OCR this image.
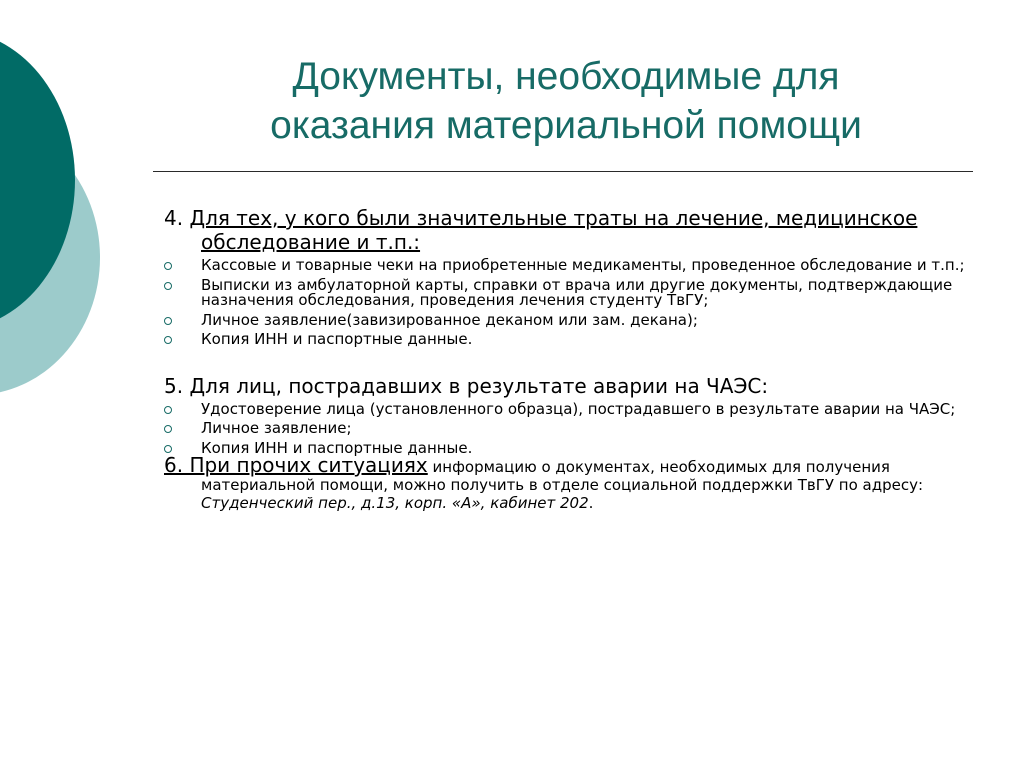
Документы, необходимые для
оказания материальной помощи

4. Для тех, у кого были значительные траты на лечение, медицинское обследование и т.п.:

Кассовые и товарные чеки на приобретенные медикаменты, проведенное обследование и т.п.;
Выписки из амбулаторной карты, справки от врача или другие документы, подтверждающие назначения обследования, проведения лечения студенту ТвГУ;
Личное заявление(завизированное деканом или зам. декана);
Копия ИНН и паспортные данные.

5. Для лиц, пострадавших в результате аварии на ЧАЭС:

Удостоверение лица (установленного образца), пострадавшего в результате аварии на ЧАЭС;
Личное заявление;
Копия ИНН и паспортные данные.

6. При прочих ситуациях информацию о документах, необходимых для получения материальной помощи, можно получить в отделе социальной поддержки ТвГУ по адресу: Студенческий пер., д.13, корп. «А», кабинет 202.
